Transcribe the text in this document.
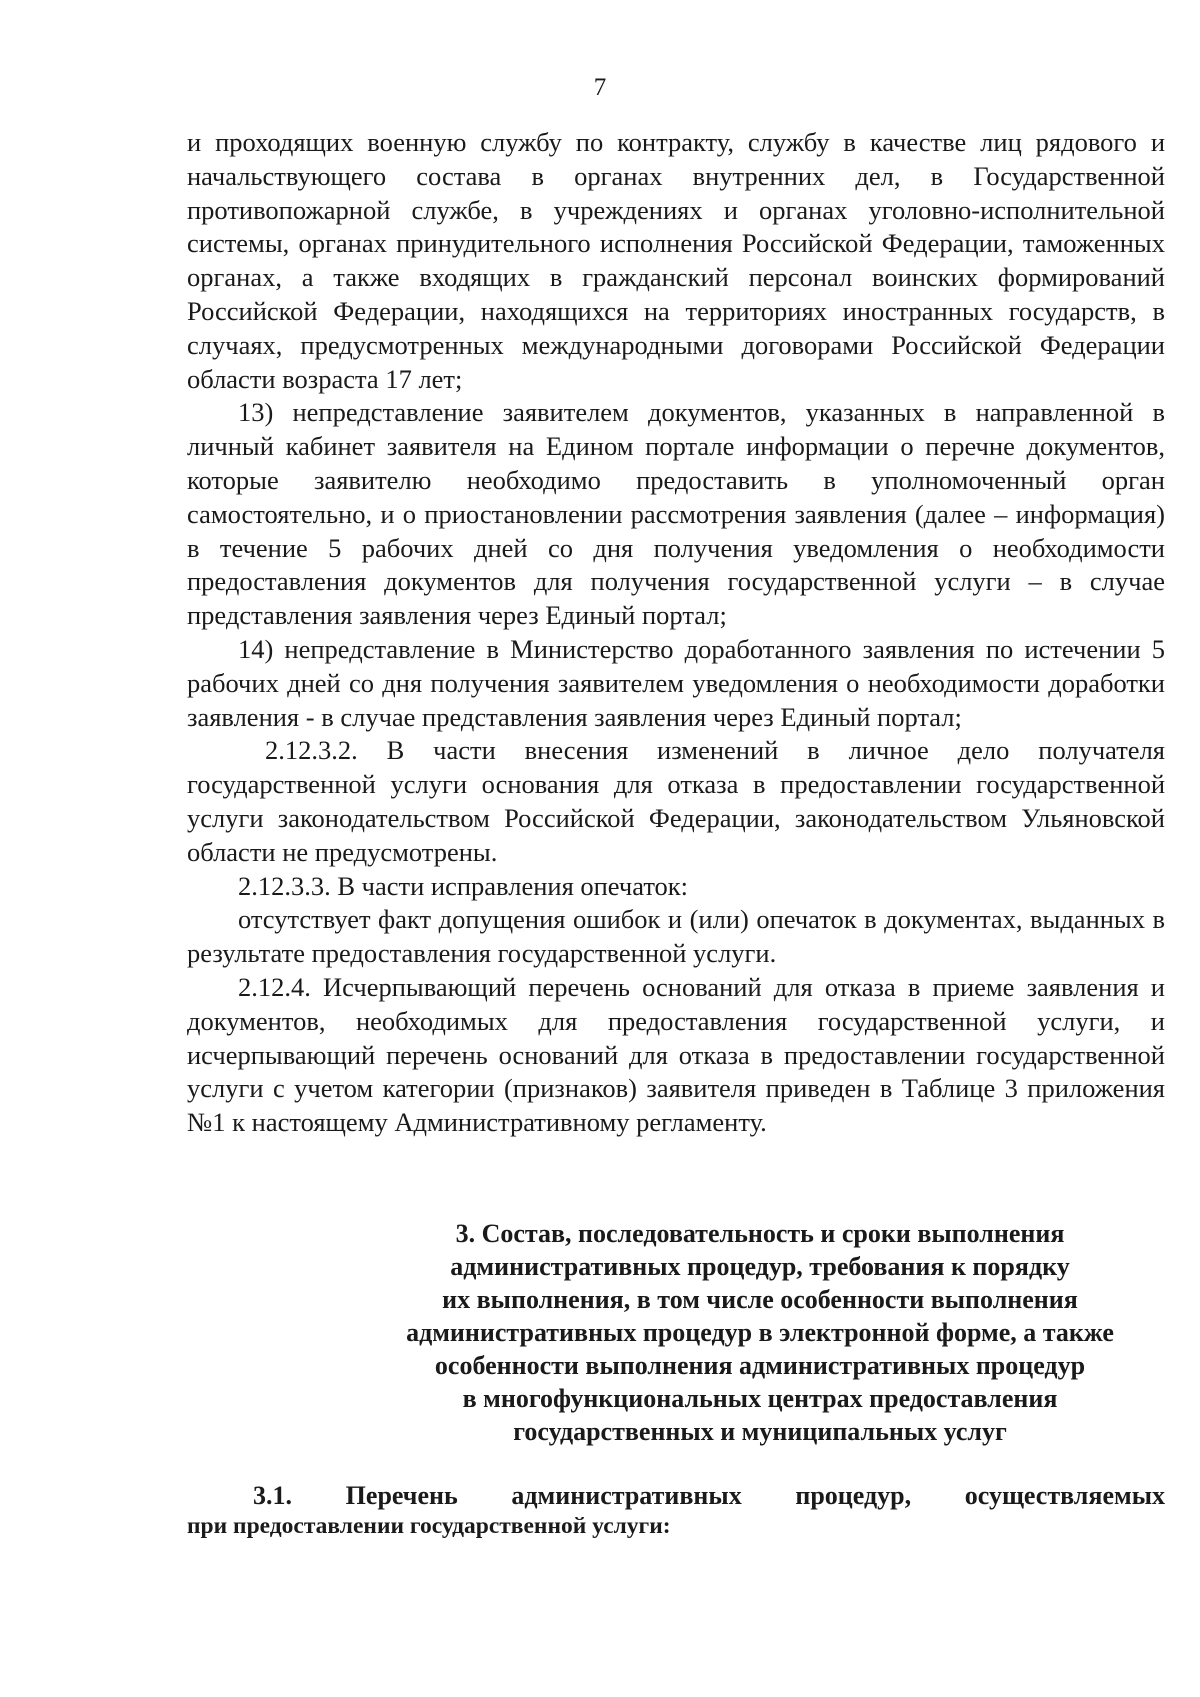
7

и проходящих военную службу по контракту, службу в качестве лиц рядового и начальствующего состава в органах внутренних дел, в Государственной противопожарной службе, в учреждениях и органах уголовно-исполнительной системы, органах принудительного исполнения Российской Федерации, таможенных органах, а также входящих в гражданский персонал воинских формирований Российской Федерации, находящихся на территориях иностранных государств, в случаях, предусмотренных международными договорами Российской Федерации области возраста 17 лет;

13) непредставление заявителем документов, указанных в направленной в личный кабинет заявителя на Едином портале информации о перечне документов, которые заявителю необходимо предоставить в уполномоченный орган самостоятельно, и о приостановлении рассмотрения заявления (далее – информация) в течение 5 рабочих дней со дня получения уведомления о необходимости предоставления документов для получения государственной услуги – в случае представления заявления через Единый портал;

14) непредставление в Министерство доработанного заявления по истечении 5 рабочих дней со дня получения заявителем уведомления о необходимости доработки заявления - в случае представления заявления через Единый портал;

2.12.3.2. В части внесения изменений в личное дело получателя государственной услуги основания для отказа в предоставлении государственной услуги законодательством Российской Федерации, законодательством Ульяновской области не предусмотрены.

2.12.3.3. В части исправления опечаток:

отсутствует факт допущения ошибок и (или) опечаток в документах, выданных в результате предоставления государственной услуги.

2.12.4. Исчерпывающий перечень оснований для отказа в приеме заявления и документов, необходимых для предоставления государственной услуги, и исчерпывающий перечень оснований для отказа в предоставлении государственной услуги с учетом категории (признаков) заявителя приведен в Таблице 3 приложения №1 к настоящему Административному регламенту.

3. Состав, последовательность и сроки выполнения
административных процедур, требования к порядку
их выполнения, в том числе особенности выполнения
административных процедур в электронной форме, а также
особенности выполнения административных процедур
в многофункциональных центрах предоставления
государственных и муниципальных услуг

3.1. Перечень административных процедур, осуществляемых

при предоставлении государственной услуги:
